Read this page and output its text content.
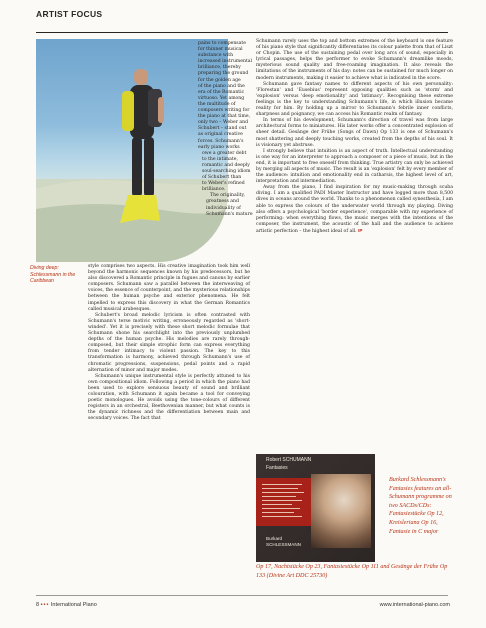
ARTIST FOCUS
Diving deep: Schlessmann in the Caribbean
pains to compensate
for thinner musical
substance with
increased instrumental
brilliance, thereby
preparing the ground
for the golden age
of the piano and the
era of the Romantic
virtuoso. Yet among
the multitude of
composers writing for
the piano at that time,
only two – Weber and
Schubert – stand out
as original creative
forces. Schumann's
early piano works
owe a greater debt
to the intimate,
romantic and deeply
soul-searching idiom
of Schubert than
to Weber's refined
brilliance.
The originality,
greatness and
individuality of
Schumann's mature

style comprises two aspects. His creative imagination took him well beyond the harmonic sequences known by his predecessors, but he also discovered a Romantic principle in fugues and canons by earlier composers. Schumann saw a parallel between the interweaving of voices, the essence of counterpoint, and the mysterious relationships between the human psyche and exterior phenomena. He felt impelled to express this discovery in what the German Romantics called musical arabesques.

Schubert's broad melodic lyricism is often contrasted with Schumann's terse motivic writing, erroneously regarded as 'short-winded'. Yet it is precisely with these short melodic formulae that Schumann shone his searchlight into the previously unplumbed depths of the human psyche. His melodies are rarely through-composed, but their simple strophic form can express everything from tender intimacy to violent passion. The key to this transformation is harmony, achieved through Schumann's use of chromatic progressions, suspensions, pedal points and a rapid alternation of minor and major modes.

Schumann's unique instrumental style is perfectly attuned to his own compositional idiom. Following a period in which the piano had been used to explore sensuous beauty of sound and brilliant colouration, with Schumann it again became a tool for conveying poetic monologues. He avoids using the tone-colours of different registers in an orchestral, Beethovenian manner, but what counts is the dynamic richness and the differentiation between main and secondary voices. The fact that

Schumann rarely uses the top and bottom extremes of the keyboard is one feature of his piano style that significantly differentiates its colour palette from that of Liszt or Chopin. The use of the sustaining pedal over long arcs of sound, especially in lyrical passages, helps the performer to evoke Schumann's dreamlike moods, mysterious sound quality and free-roaming imagination. It also reveals the limitations of the instruments of his day: notes can be sustained for much longer on modern instruments, making it easier to achieve what is indicated in the score.

Schumann gave fantasy names to different aspects of his own personality: 'Florestan' and 'Eusebius' represent opposing qualities such as 'storm' and 'explosion' versus 'deep emotionality' and 'intimacy'. Recognising these extreme feelings is the key to understanding Schumann's life, in which illusion became reality for him. By holding up a mirror to Schumann's febrile inner conflicts, sharpness and poignancy, we can access his Romantic realm of fantasy.

In terms of his development, Schumann's direction of travel was from large architectural forms to miniatures. His later works offer a concentrated explosion of sheer detail. Gesänge der Frühe (Songs of Dawn) Op 133 is one of Schumann's most shattering and deeply touching works, created from the depths of his soul. It is visionary yet abstruse.

I strongly believe that intuition is an aspect of truth. Intellectual understanding is one way for an interpreter to approach a composer or a piece of music, but in the end, it is important to free oneself from thinking. True artistry can only be achieved by merging all aspects of music. The result is an 'explosion' felt by every member of the audience: intuition and emotionality end in catharsis, the highest level of art, interpretation and intermediation.

Away from the piano, I find inspiration for my music-making through scuba diving. I am a qualified PADI Master Instructor and have logged more than 8,500 dives in oceans around the world. Thanks to a phenomenon called synesthesia, I am able to express the colours of the underwater world through my playing. Diving also offers a psychological 'border experience', comparable with my experience of performing: when everything flows, the music merges with the intentions of the composer, the instrument, the acoustic of the hall and the audience to achieve artistic perfection – the highest ideal of all. IP

Robert SCHUMANN
Fantasies
Burkard
SCHLESSMANN
Burkard Schlessmann's Fantasies features an all-Schumann programme on two SACDs/CDs: Fantasiestücke Op 12, Kreisleriana Op 16, Fantasie in C major
Op 17, Nachtstücke Op 23, Fantasiestücke Op 111 and Gesänge der Frühe Op 133 (Divine Art DDC 25730)
8 ••• International Piano	www.international-piano.com
